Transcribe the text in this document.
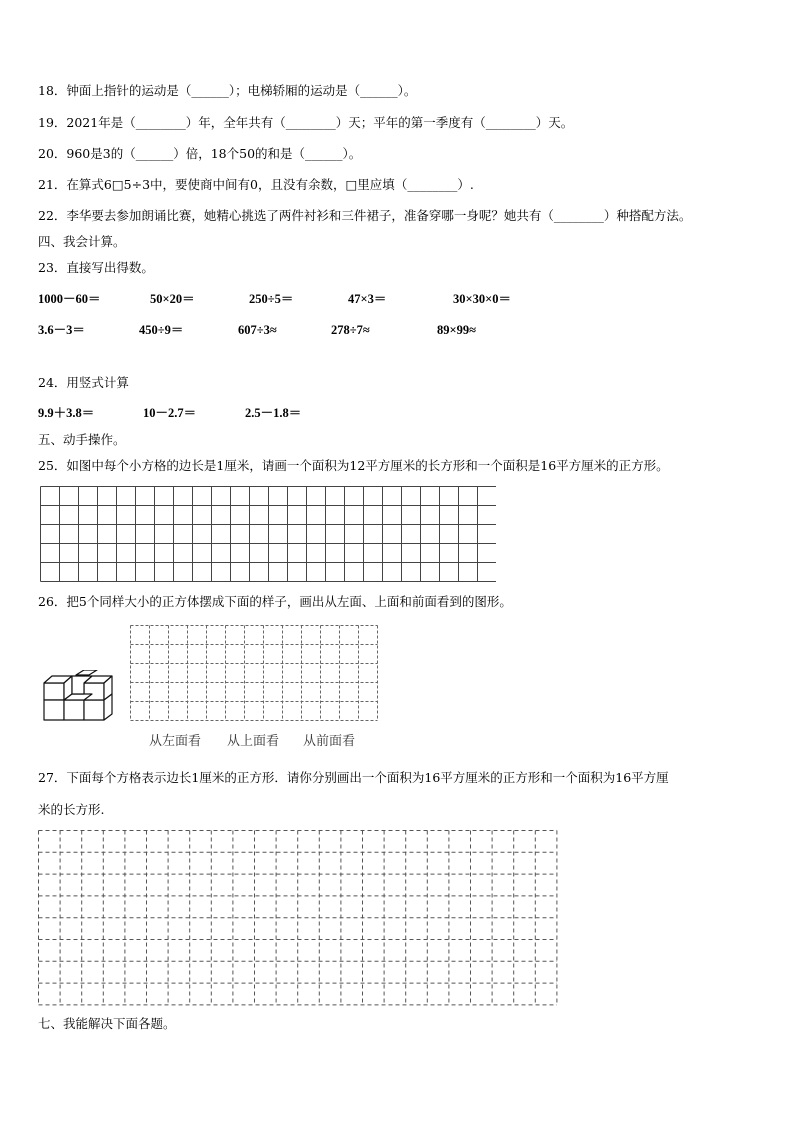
18．钟面上指针的运动是（______）；电梯轿厢的运动是（______）。
19．2021年是（________）年，全年共有（________）天；平年的第一季度有（________）天。
20．960是3的（______）倍，18个50的和是（______）。
21．在算式6□5÷3中，要使商中间有0，且没有余数，□里应填（________）.
22．李华要去参加朗诵比赛，她精心挑选了两件衬衫和三件裙子，准备穿哪一身呢？她共有（________）种搭配方法。
四、我会计算。
23．直接写出得数。
1000－60＝	50×20＝	250÷5＝	47×3＝	30×30×0＝
3.6－3＝	450÷9＝	607÷3≈	278÷7≈	89×99≈
24．用竖式计算
9.9＋3.8＝	10－2.7＝	2.5－1.8＝
五、动手操作。
25．如图中每个小方格的边长是1厘米，请画一个面积为12平方厘米的长方形和一个面积是16平方厘米的正方形。
26．把5个同样大小的正方体摆成下面的样子，画出从左面、上面和前面看到的图形。
从左面看 从上面看 从前面看
27．下面每个方格表示边长1厘米的正方形．请你分别画出一个面积为16平方厘米的正方形和一个面积为16平方厘
米的长方形.
七、我能解决下面各题。
